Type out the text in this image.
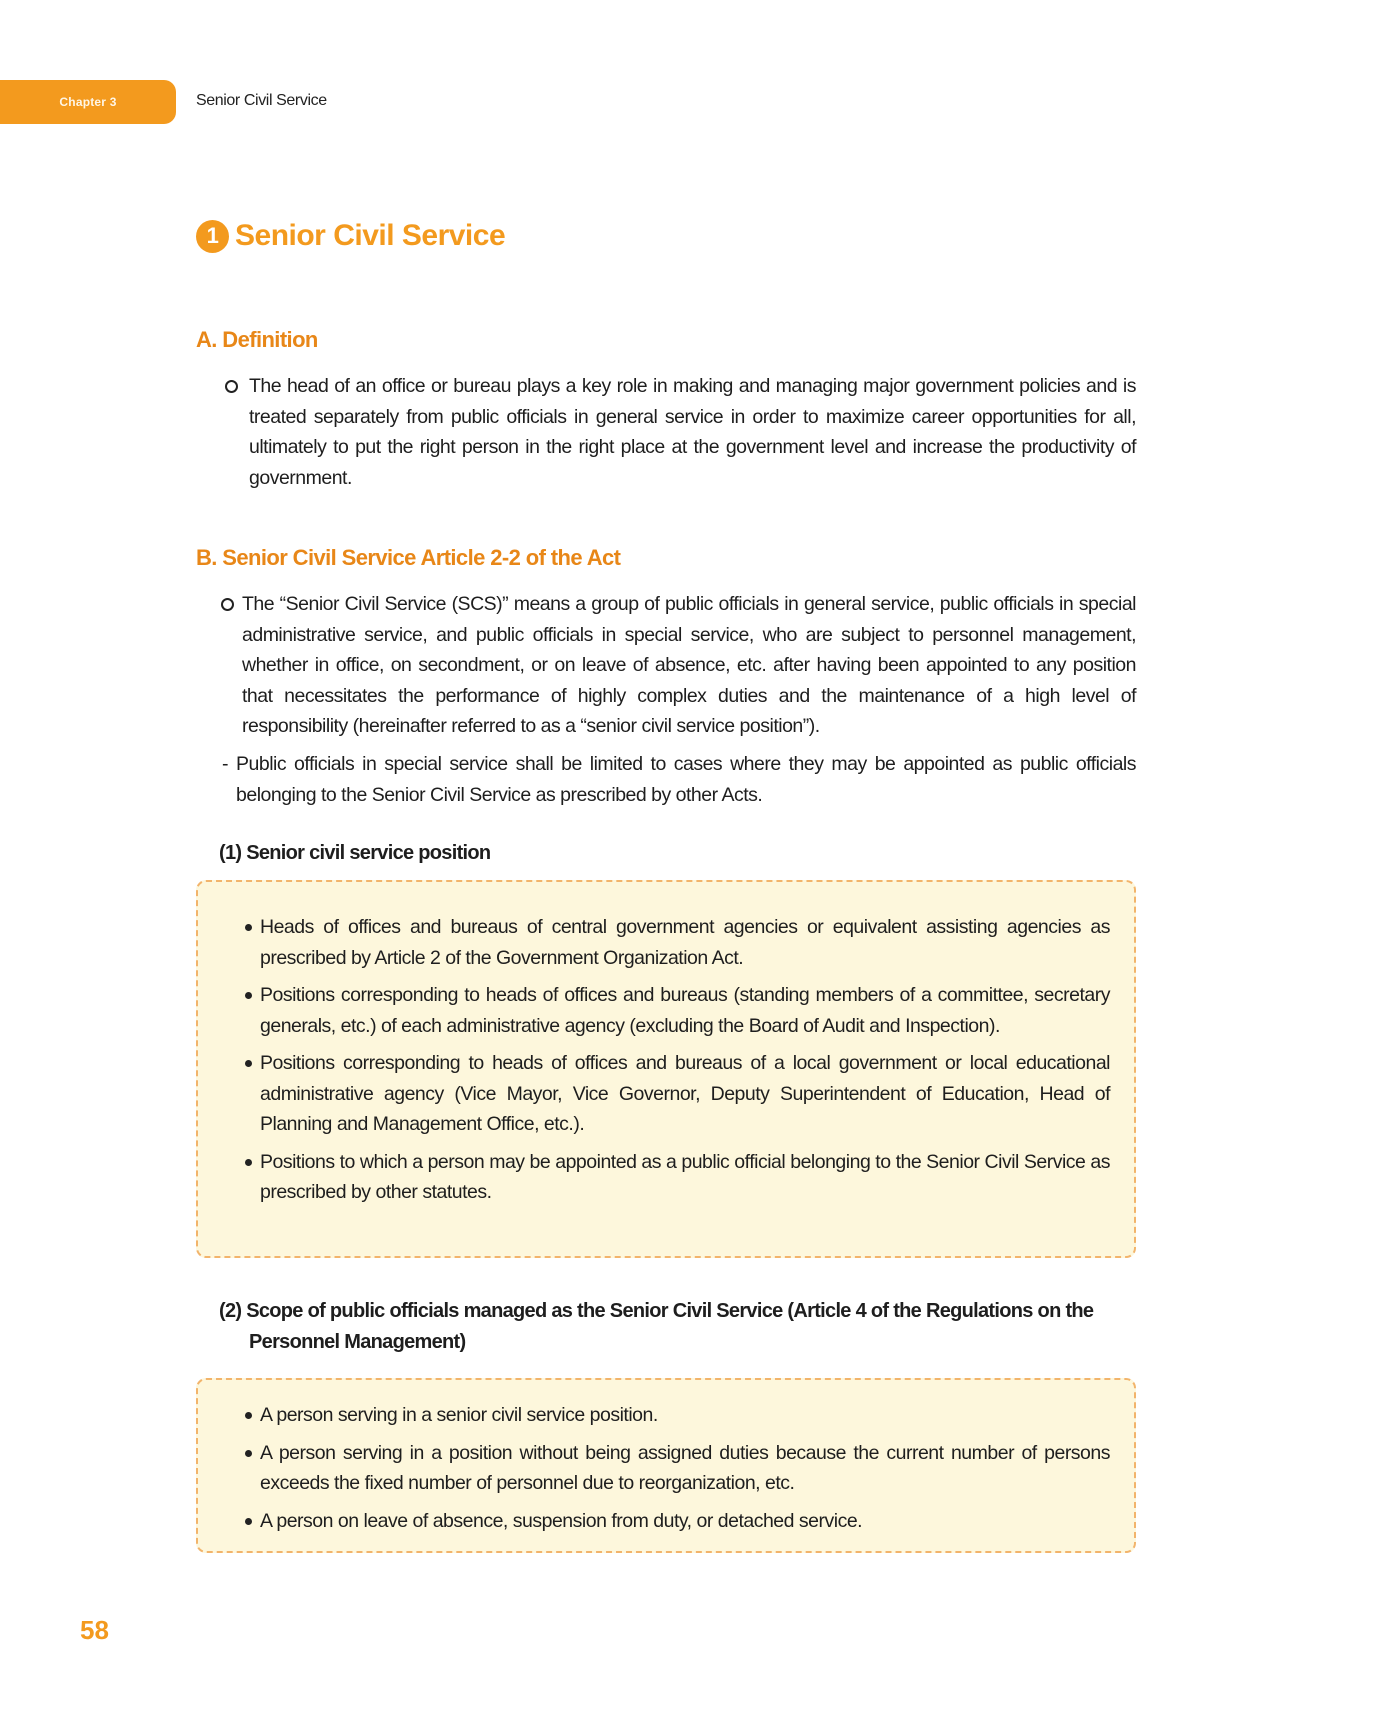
Chapter 3	Senior Civil Service
1 Senior Civil Service
A. Definition
The head of an office or bureau plays a key role in making and managing major government policies and is treated separately from public officials in general service in order to maximize career opportunities for all, ultimately to put the right person in the right place at the government level and increase the productivity of government.
B. Senior Civil Service Article 2-2 of the Act
The “Senior Civil Service (SCS)” means a group of public officials in general service, public officials in special administrative service, and public officials in special service, who are subject to personnel management, whether in office, on secondment, or on leave of absence, etc. after having been appointed to any position that necessitates the performance of highly complex duties and the maintenance of a high level of responsibility (hereinafter referred to as a “senior civil service position”).
- Public officials in special service shall be limited to cases where they may be appointed as public officials belonging to the Senior Civil Service as prescribed by other Acts.
(1) Senior civil service position
Heads of offices and bureaus of central government agencies or equivalent assisting agencies as prescribed by Article 2 of the Government Organization Act.
Positions corresponding to heads of offices and bureaus (standing members of a committee, secretary generals, etc.) of each administrative agency (excluding the Board of Audit and Inspection).
Positions corresponding to heads of offices and bureaus of a local government or local educational administrative agency (Vice Mayor, Vice Governor, Deputy Superintendent of Education, Head of Planning and Management Office, etc.).
Positions to which a person may be appointed as a public official belonging to the Senior Civil Service as prescribed by other statutes.
(2) Scope of public officials managed as the Senior Civil Service (Article 4 of the Regulations on the Personnel Management)
A person serving in a senior civil service position.
A person serving in a position without being assigned duties because the current number of persons exceeds the fixed number of personnel due to reorganization, etc.
A person on leave of absence, suspension from duty, or detached service.
58
